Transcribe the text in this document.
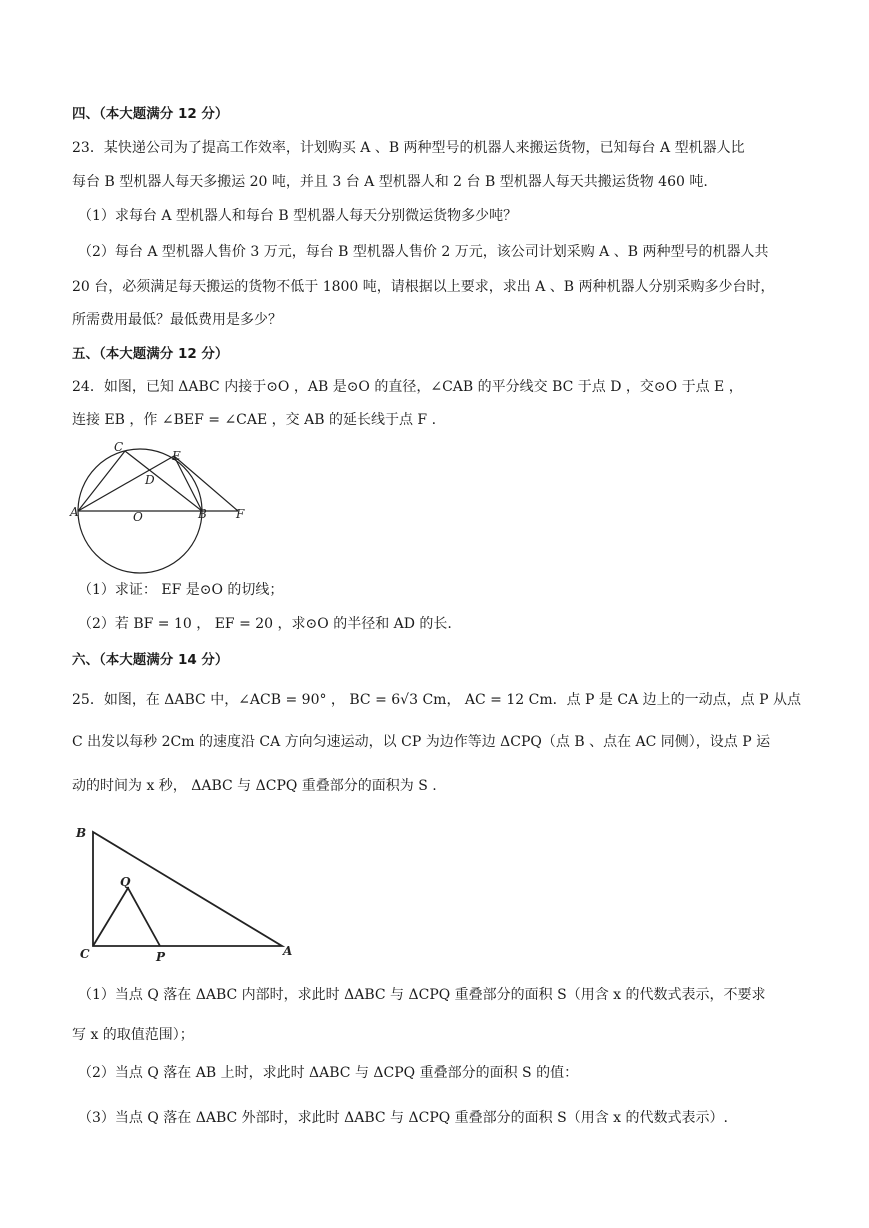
四、（本大题满分 12 分）
23．某快递公司为了提高工作效率，计划购买 A 、B 两种型号的机器人来搬运货物，已知每台 A 型机器人比
每台 B 型机器人每天多搬运 20 吨，并且 3 台 A 型机器人和 2 台 B 型机器人每天共搬运货物 460 吨.
（1）求每台 A 型机器人和每台 B 型机器人每天分别微运货物多少吨？
（2）每台 A 型机器人售价 3 万元，每台 B 型机器人售价 2 万元，该公司计划采购 A 、B 两种型号的机器人共
20 台，必须满足每天搬运的货物不低于 1800 吨，请根据以上要求，求出 A 、B 两种机器人分别采购多少台时，
所需费用最低？最低费用是多少？
五、（本大题满分 12 分）
24．如图，已知 ΔABC 内接于⊙O ，AB 是⊙O 的直径，∠CAB 的平分线交 BC 于点 D ，交⊙O 于点 E ，
连接 EB ，作 ∠BEF = ∠CAE ，交 AB 的延长线于点 F .
C
E
D
A	O	B F
（1）求证： EF 是⊙O 的切线；
（2）若 BF = 10 ， EF = 20 ，求⊙O 的半径和 AD 的长.
六、（本大题满分 14 分）
25．如图，在 ΔABC 中，∠ACB = 90° ， BC = 6√3 Cm， AC = 12 Cm．点 P 是 CA 边上的一动点，点 P 从点
C 出发以每秒 2Cm 的速度沿 CA 方向匀速运动，以 CP 为边作等边 ΔCPQ（点 B 、点在 AC 同侧），设点 P 运
动的时间为 x 秒， ΔABC 与 ΔCPQ 重叠部分的面积为 S .
B
Q
C	P	A
（1）当点 Q 落在 ΔABC 内部时，求此时 ΔABC 与 ΔCPQ 重叠部分的面积 S（用含 x 的代数式表示，不要求
写 x 的取值范围）；
（2）当点 Q 落在 AB 上时，求此时 ΔABC 与 ΔCPQ 重叠部分的面积 S 的值：
（3）当点 Q 落在 ΔABC 外部时，求此时 ΔABC 与 ΔCPQ 重叠部分的面积 S（用含 x 的代数式表示）.
